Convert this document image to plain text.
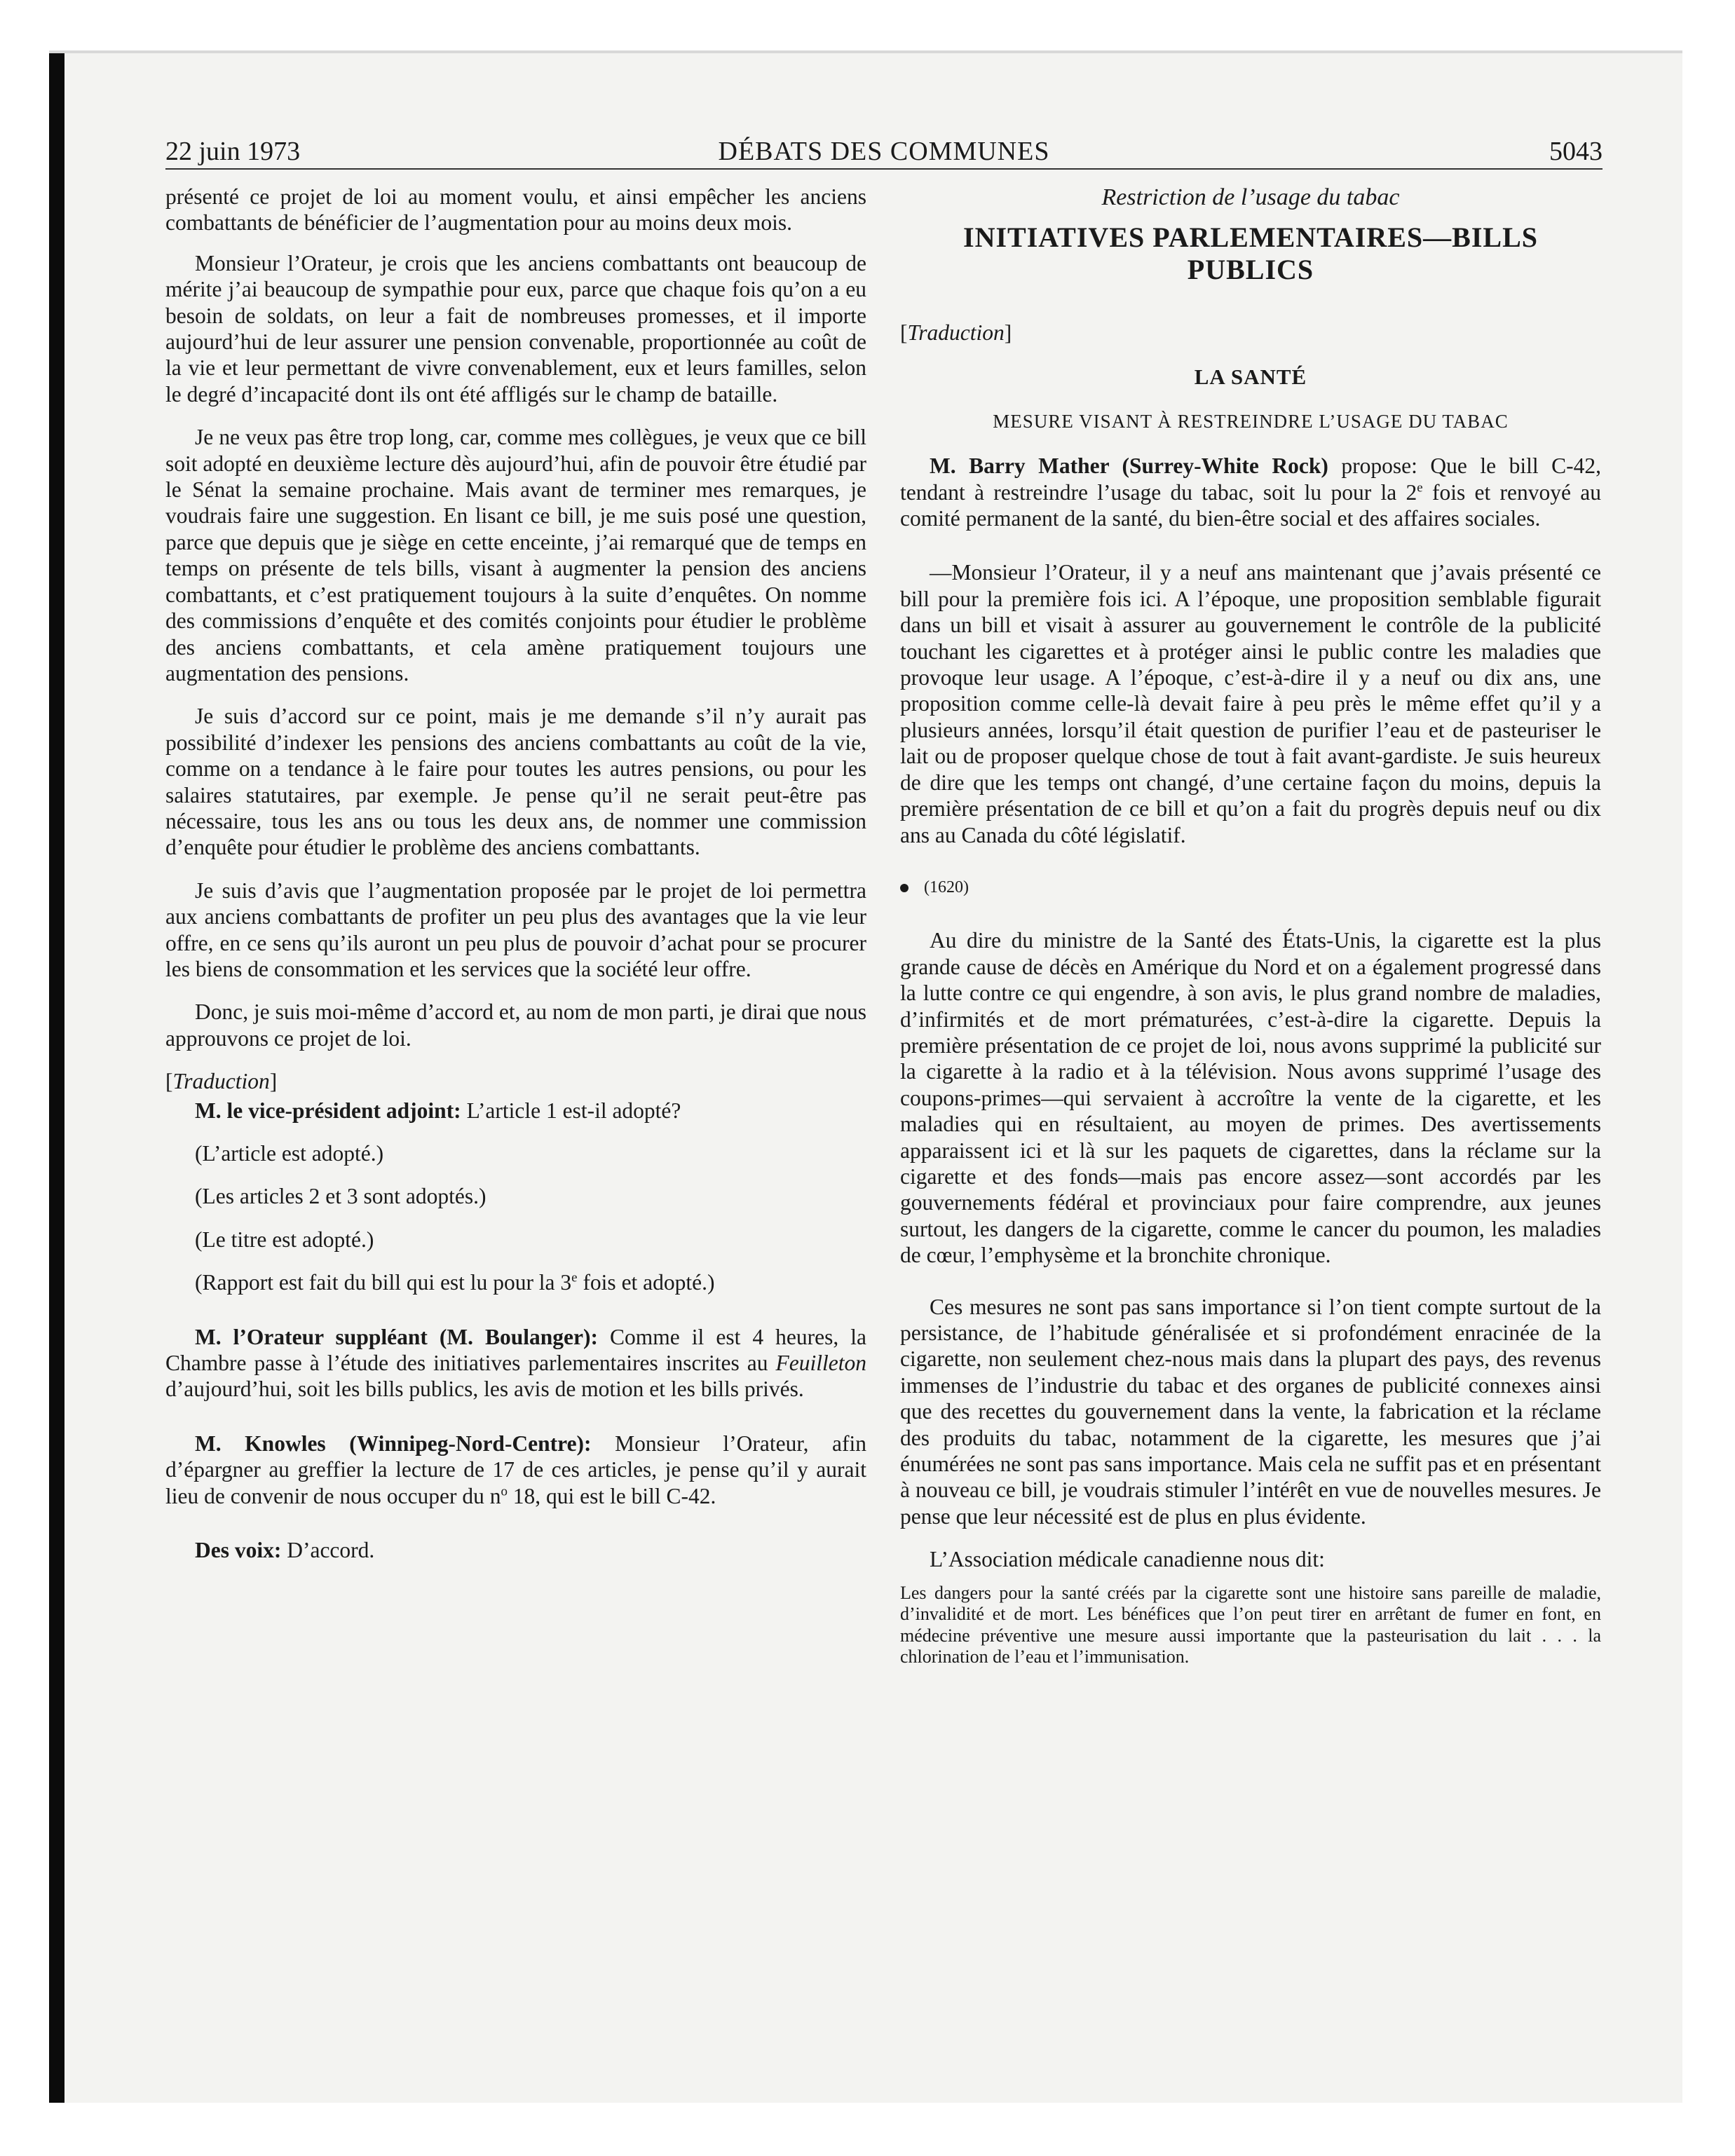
DÉBATS DES COMMUNES
22 juin 1973	5043

présenté ce projet de loi au moment voulu, et ainsi empêcher les anciens combattants de bénéficier de l’augmentation pour au moins deux mois.

Monsieur l’Orateur, je crois que les anciens combattants ont beaucoup de mérite j’ai beaucoup de sympathie pour eux, parce que chaque fois qu’on a eu besoin de soldats, on leur a fait de nombreuses promesses, et il importe aujourd’hui de leur assurer une pension convenable, proportionnée au coût de la vie et leur permettant de vivre convenablement, eux et leurs familles, selon le degré d’incapacité dont ils ont été affligés sur le champ de bataille.

Je ne veux pas être trop long, car, comme mes collègues, je veux que ce bill soit adopté en deuxième lecture dès aujourd’hui, afin de pouvoir être étudié par le Sénat la semaine prochaine. Mais avant de terminer mes remarques, je voudrais faire une suggestion. En lisant ce bill, je me suis posé une question, parce que depuis que je siège en cette enceinte, j’ai remarqué que de temps en temps on présente de tels bills, visant à augmenter la pension des anciens combattants, et c’est pratiquement toujours à la suite d’enquêtes. On nomme des commissions d’enquête et des comités conjoints pour étudier le problème des anciens combattants, et cela amène pratiquement toujours une augmentation des pensions.

Je suis d’accord sur ce point, mais je me demande s’il n’y aurait pas possibilité d’indexer les pensions des anciens combattants au coût de la vie, comme on a tendance à le faire pour toutes les autres pensions, ou pour les salaires statutaires, par exemple. Je pense qu’il ne serait peut-être pas nécessaire, tous les ans ou tous les deux ans, de nommer une commission d’enquête pour étudier le problème des anciens combattants.

Je suis d’avis que l’augmentation proposée par le projet de loi permettra aux anciens combattants de profiter un peu plus des avantages que la vie leur offre, en ce sens qu’ils auront un peu plus de pouvoir d’achat pour se procurer les biens de consommation et les services que la société leur offre.

Donc, je suis moi-même d’accord et, au nom de mon parti, je dirai que nous approuvons ce projet de loi.

[Traduction]

M. le vice-président adjoint: L’article 1 est-il adopté?

(L’article est adopté.)

(Les articles 2 et 3 sont adoptés.)

(Le titre est adopté.)

(Rapport est fait du bill qui est lu pour la 3e fois et adopté.)

M. l’Orateur suppléant (M. Boulanger): Comme il est 4 heures, la Chambre passe à l’étude des initiatives parlementaires inscrites au Feuilleton d’aujourd’hui, soit les bills publics, les avis de motion et les bills privés.

M. Knowles (Winnipeg-Nord-Centre): Monsieur l’Orateur, afin d’épargner au greffier la lecture de 17 de ces articles, je pense qu’il y aurait lieu de convenir de nous occuper du $n^o$ 18, qui est le bill C-42.

Des voix: D’accord.

Restriction de l’usage du tabac
INITIATIVES PARLEMENTAIRES—BILLS PUBLICS

[Traduction]

LA SANTÉ
MESURE VISANT À RESTREINDRE L’USAGE DU TABAC

M. Barry Mather (Surrey-White Rock) propose: Que le bill C-42, tendant à restreindre l’usage du tabac, soit lu pour la 2e fois et renvoyé au comité permanent de la santé, du bien-être social et des affaires sociales.

—Monsieur l’Orateur, il y a neuf ans maintenant que j’avais présenté ce bill pour la première fois ici. A l’époque, une proposition semblable figurait dans un bill et visait à assurer au gouvernement le contrôle de la publicité touchant les cigarettes et à protéger ainsi le public contre les maladies que provoque leur usage. A l’époque, c’est-à-dire il y a neuf ou dix ans, une proposition comme celle-là devait faire à peu près le même effet qu’il y a plusieurs années, lorsqu’il était question de purifier l’eau et de pasteuriser le lait ou de proposer quelque chose de tout à fait avant-gardiste. Je suis heureux de dire que les temps ont changé, d’une certaine façon du moins, depuis la première présentation de ce bill et qu’on a fait du progrès depuis neuf ou dix ans au Canada du côté législatif.

(1620)

Au dire du ministre de la Santé des États-Unis, la cigarette est la plus grande cause de décès en Amérique du Nord et on a également progressé dans la lutte contre ce qui engendre, à son avis, le plus grand nombre de maladies, d’infirmités et de mort prématurées, c’est-à-dire la cigarette. Depuis la première présentation de ce projet de loi, nous avons supprimé la publicité sur la cigarette à la radio et à la télévision. Nous avons supprimé l’usage des coupons-primes—qui servaient à accroître la vente de la cigarette, et les maladies qui en résultaient, au moyen de primes. Des avertissements apparaissent ici et là sur les paquets de cigarettes, dans la réclame sur la cigarette et des fonds—mais pas encore assez—sont accordés par les gouvernements fédéral et provinciaux pour faire comprendre, aux jeunes surtout, les dangers de la cigarette, comme le cancer du poumon, les maladies de cœur, l’emphysème et la bronchite chronique.

Ces mesures ne sont pas sans importance si l’on tient compte surtout de la persistance, de l’habitude généralisée et si profondément enracinée de la cigarette, non seulement chez-nous mais dans la plupart des pays, des revenus immenses de l’industrie du tabac et des organes de publicité connexes ainsi que des recettes du gouvernement dans la vente, la fabrication et la réclame des produits du tabac, notamment de la cigarette, les mesures que j’ai énumérées ne sont pas sans importance. Mais cela ne suffit pas et en présentant à nouveau ce bill, je voudrais stimuler l’intérêt en vue de nouvelles mesures. Je pense que leur nécessité est de plus en plus évidente.

L’Association médicale canadienne nous dit:

Les dangers pour la santé créés par la cigarette sont une histoire sans pareille de maladie, d’invalidité et de mort. Les bénéfices que l’on peut tirer en arrêtant de fumer en font, en médecine préventive une mesure aussi importante que la pasteurisation du lait . . . la chlorination de l’eau et l’immunisation.
